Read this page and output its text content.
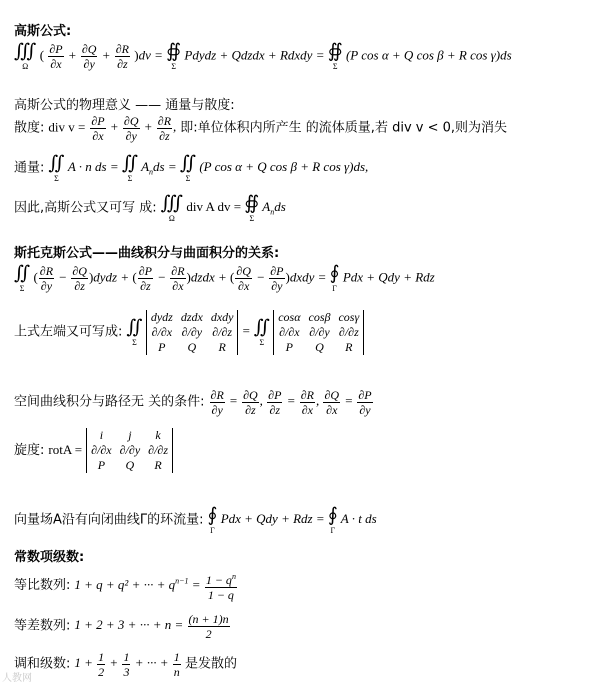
高斯公式:
∭
Ω
( $\frac{\partial P}{\partial x} + \frac{\partial Q}{\partial y} + \frac{\partial R}{\partial z} )dv$ = ∯
Σ
Pdydz + Qdzdx + Rdxdy = ∯
Σ
(P cos α + Q cos β + R cos γ)ds
高斯公式的物理意义 —— 通量与散度:
散度: div $v = \frac{\partial P}{\partial x} + \frac{\partial Q}{\partial y} + \frac{\partial R}{\partial z}$ , 即:单位体积内所产生 的流体质量,若 div v < 0,则为消失
通量: ∬
Σ
A · n ds = ∬
Σ
$A_nds$ = ∬
Σ
(P cos α + Q cos β + R cos γ)ds,
因此,高斯公式又可写 成: ∭
Ω
div A dv = ∯
Σ
$A_nds$
斯托克斯公式——曲线积分与曲面积分的关系:
∬
Σ
( $\frac{\partial R}{\partial y} - \frac{\partial Q}{\partial z}$ )dydz + ( $\frac{\partial P}{\partial z} - \frac{\partial R}{\partial x}$ )dzdx + ( $\frac{\partial Q}{\partial x} - \frac{\partial P}{\partial y}$ )dxdy = ∮
Γ
Pdx + Qdy + Rdz
上式左端又可写成: ∬
Σ

dydz dzdx dxdy
∂/∂x ∂/∂y ∂/∂z
P	Q	R
= ∬
Σ

cosα cosβ cosγ
∂/∂x ∂/∂y ∂/∂z
P	Q	R
空间曲线积分与路径无 关的条件: $\frac{\partial R}{\partial y} = \frac{\partial Q}{\partial z}$ , $\frac{\partial P}{\partial z} = \frac{\partial R}{\partial x}$ , $\frac{\partial Q}{\partial x} = \frac{\partial P}{\partial y}$
旋度: rotA =
i	j	k
∂/∂x ∂/∂y ∂/∂z
P	Q	R
向量场A沿有向闭曲线Γ的环流量: ∮
Γ
Pdx + Qdy + Rdz = ∮
Γ
A · t ds
常数项级数:
等比数列: 1 + q + q² + ··· + $q^{n-1} = \frac{1 - q^n}{1 - q}$
等差数列: 1 + 2 + 3 + ··· + $n = \frac{(n + 1)n}{2}$
调和级数: $1 + \frac{1}{2} + \frac{1}{3}$ + ··· + $\frac{1}{n}$ 是发散的
人教网
